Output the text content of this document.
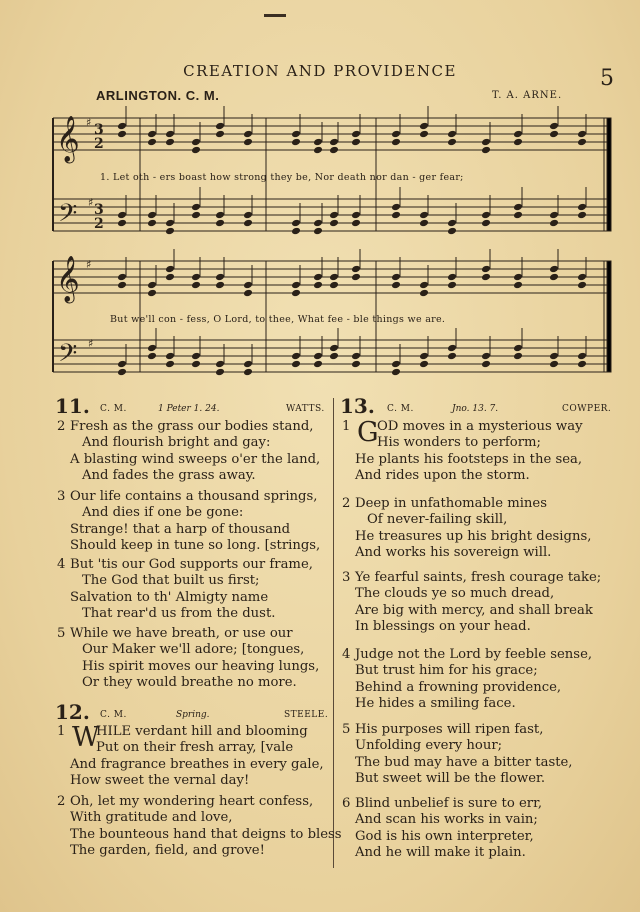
CREATION AND PROVIDENCE	5
ARLINGTON. C. M.	T. A. ARNE.
𝄞
𝄢
𝄞
𝄢
♯
♯
♯
♯
3
2
3
2
1. Let oth - ers boast how strong they be, Nor death nor dan - ger fear;
But we'll con - fess, O Lord, to thee, What fee - ble things we are.
11. C. M.	1 Peter 1. 24.	WATTS.
2 Fresh as the grass our bodies stand,
And flourish bright and gay:
A blasting wind sweeps o'er the land,
And fades the grass away.
3 Our life contains a thousand springs,
And dies if one be gone:
Strange! that a harp of thousand
Should keep in tune so long. [strings,
4 But 'tis our God supports our frame,
The God that built us first;
Salvation to th' Almigty name
That rear'd us from the dust.
5 While we have breath, or use our
Our Maker we'll adore; [tongues,
His spirit moves our heaving lungs,
Or they would breathe no more.
12. C. M.	Spring.	STEELE.
1 W
HILE verdant hill and blooming
Put on their fresh array, [vale
And fragrance breathes in every gale,
How sweet the vernal day!
2 Oh, let my wondering heart confess,
With gratitude and love,
The bounteous hand that deigns to bless
The garden, field, and grove!
13. C. M.	Jno. 13. 7.	COWPER.
1 G
OD moves in a mysterious way
His wonders to perform;
He plants his footsteps in the sea,
And rides upon the storm.
2 Deep in unfathomable mines
Of never-failing skill,
He treasures up his bright designs,
And works his sovereign will.
3 Ye fearful saints, fresh courage take;
The clouds ye so much dread,
Are big with mercy, and shall break
In blessings on your head.
4 Judge not the Lord by feeble sense,
But trust him for his grace;
Behind a frowning providence,
He hides a smiling face.
5 His purposes will ripen fast,
Unfolding every hour;
The bud may have a bitter taste,
But sweet will be the flower.
6 Blind unbelief is sure to err,
And scan his works in vain;
God is his own interpreter,
And he will make it plain.
